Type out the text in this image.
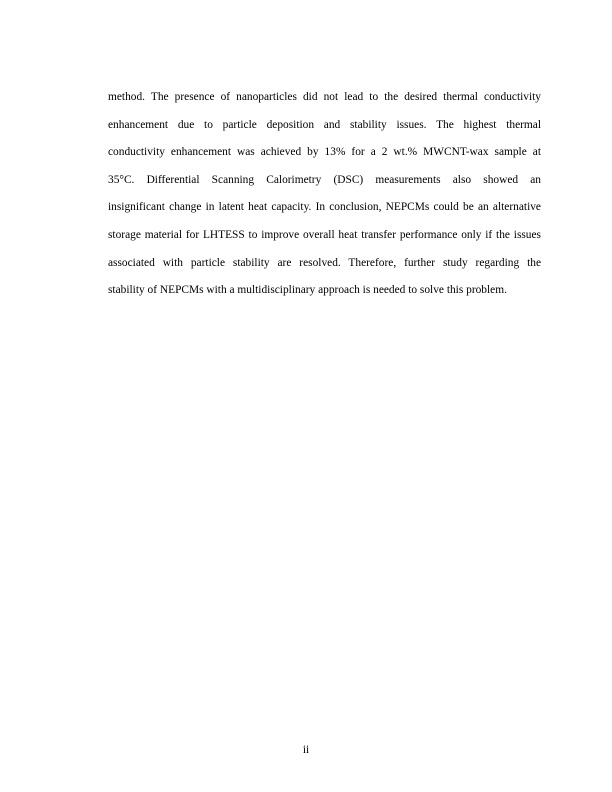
method. The presence of nanoparticles did not lead to the desired thermal conductivity
enhancement due to particle deposition and stability issues. The highest thermal
conductivity enhancement was achieved by 13% for a 2 wt.% MWCNT-wax sample at
35°C. Differential Scanning Calorimetry (DSC) measurements also showed an
insignificant change in latent heat capacity. In conclusion, NEPCMs could be an alternative
storage material for LHTESS to improve overall heat transfer performance only if the issues
associated with particle stability are resolved. Therefore, further study regarding the
stability of NEPCMs with a multidisciplinary approach is needed to solve this problem.
ii
